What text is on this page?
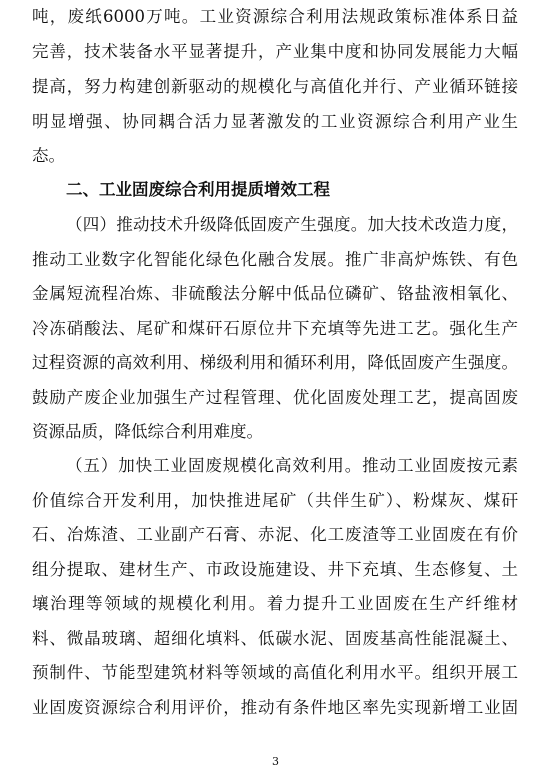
吨，废纸6000万吨。工业资源综合利用法规政策标准体系日益
完善，技术装备水平显著提升，产业集中度和协同发展能力大幅
提高，努力构建创新驱动的规模化与高值化并行、产业循环链接
明显增强、协同耦合活力显著激发的工业资源综合利用产业生
态。
二、工业固废综合利用提质增效工程
（四）推动技术升级降低固废产生强度。加大技术改造力度，
推动工业数字化智能化绿色化融合发展。推广非高炉炼铁、有色
金属短流程冶炼、非硫酸法分解中低品位磷矿、铬盐液相氧化、
冷冻硝酸法、尾矿和煤矸石原位井下充填等先进工艺。强化生产
过程资源的高效利用、梯级利用和循环利用，降低固废产生强度。
鼓励产废企业加强生产过程管理、优化固废处理工艺，提高固废
资源品质，降低综合利用难度。
（五）加快工业固废规模化高效利用。推动工业固废按元素
价值综合开发利用，加快推进尾矿（共伴生矿）、粉煤灰、煤矸
石、冶炼渣、工业副产石膏、赤泥、化工废渣等工业固废在有价
组分提取、建材生产、市政设施建设、井下充填、生态修复、土
壤治理等领域的规模化利用。着力提升工业固废在生产纤维材
料、微晶玻璃、超细化填料、低碳水泥、固废基高性能混凝土、
预制件、节能型建筑材料等领域的高值化利用水平。组织开展工
业固废资源综合利用评价，推动有条件地区率先实现新增工业固
3
